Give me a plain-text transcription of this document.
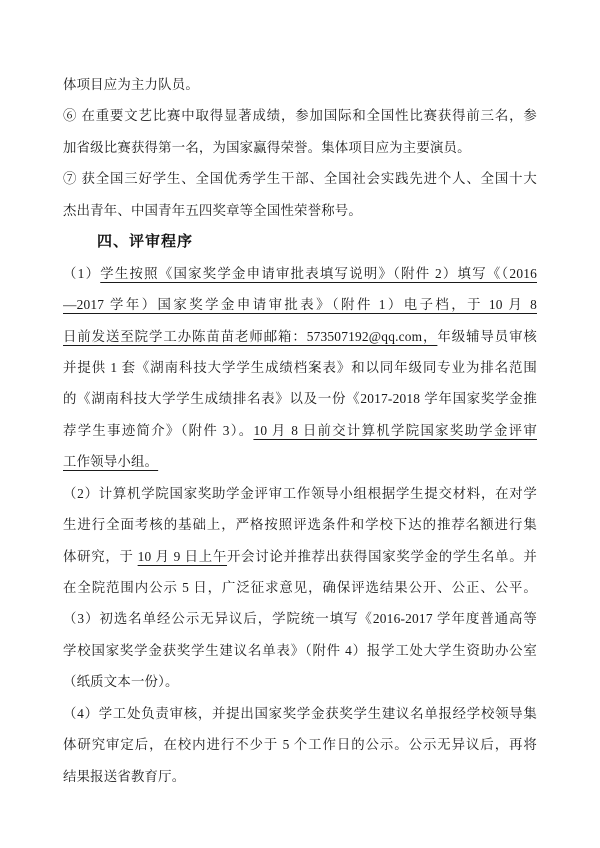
体项目应为主力队员。
⑥ 在重要文艺比赛中取得显著成绩，参加国际和全国性比赛获得前三名，参
加省级比赛获得第一名，为国家赢得荣誉。集体项目应为主要演员。
⑦ 获全国三好学生、全国优秀学生干部、全国社会实践先进个人、全国十大
杰出青年、中国青年五四奖章等全国性荣誉称号。
四、评审程序
（1）学生按照《国家奖学金申请审批表填写说明》（附件 2）填写《（2016
—2017 学年）国家奖学金申请审批表》（附件 1）电子档，于 10 月 8
日前发送至院学工办陈苗苗老师邮箱：573507192@qq.com，年级辅导员审核
并提供 1 套《湖南科技大学学生成绩档案表》和以同年级同专业为排名范围
的《湖南科技大学学生成绩排名表》以及一份《2017-2018 学年国家奖学金推
荐学生事迹简介》（附件 3）。10 月 8 日前交计算机学院国家奖助学金评审
工作领导小组。
（2）计算机学院国家奖助学金评审工作领导小组根据学生提交材料，在对学
生进行全面考核的基础上，严格按照评选条件和学校下达的推荐名额进行集
体研究，于 10 月 9 日上午开会讨论并推荐出获得国家奖学金的学生名单。并
在全院范围内公示 5 日，广泛征求意见，确保评选结果公开、公正、公平。
（3）初选名单经公示无异议后，学院统一填写《2016-2017 学年度普通高等
学校国家奖学金获奖学生建议名单表》（附件 4）报学工处大学生资助办公室
（纸质文本一份）。
（4）学工处负责审核，并提出国家奖学金获奖学生建议名单报经学校领导集
体研究审定后，在校内进行不少于 5 个工作日的公示。公示无异议后，再将
结果报送省教育厅。
